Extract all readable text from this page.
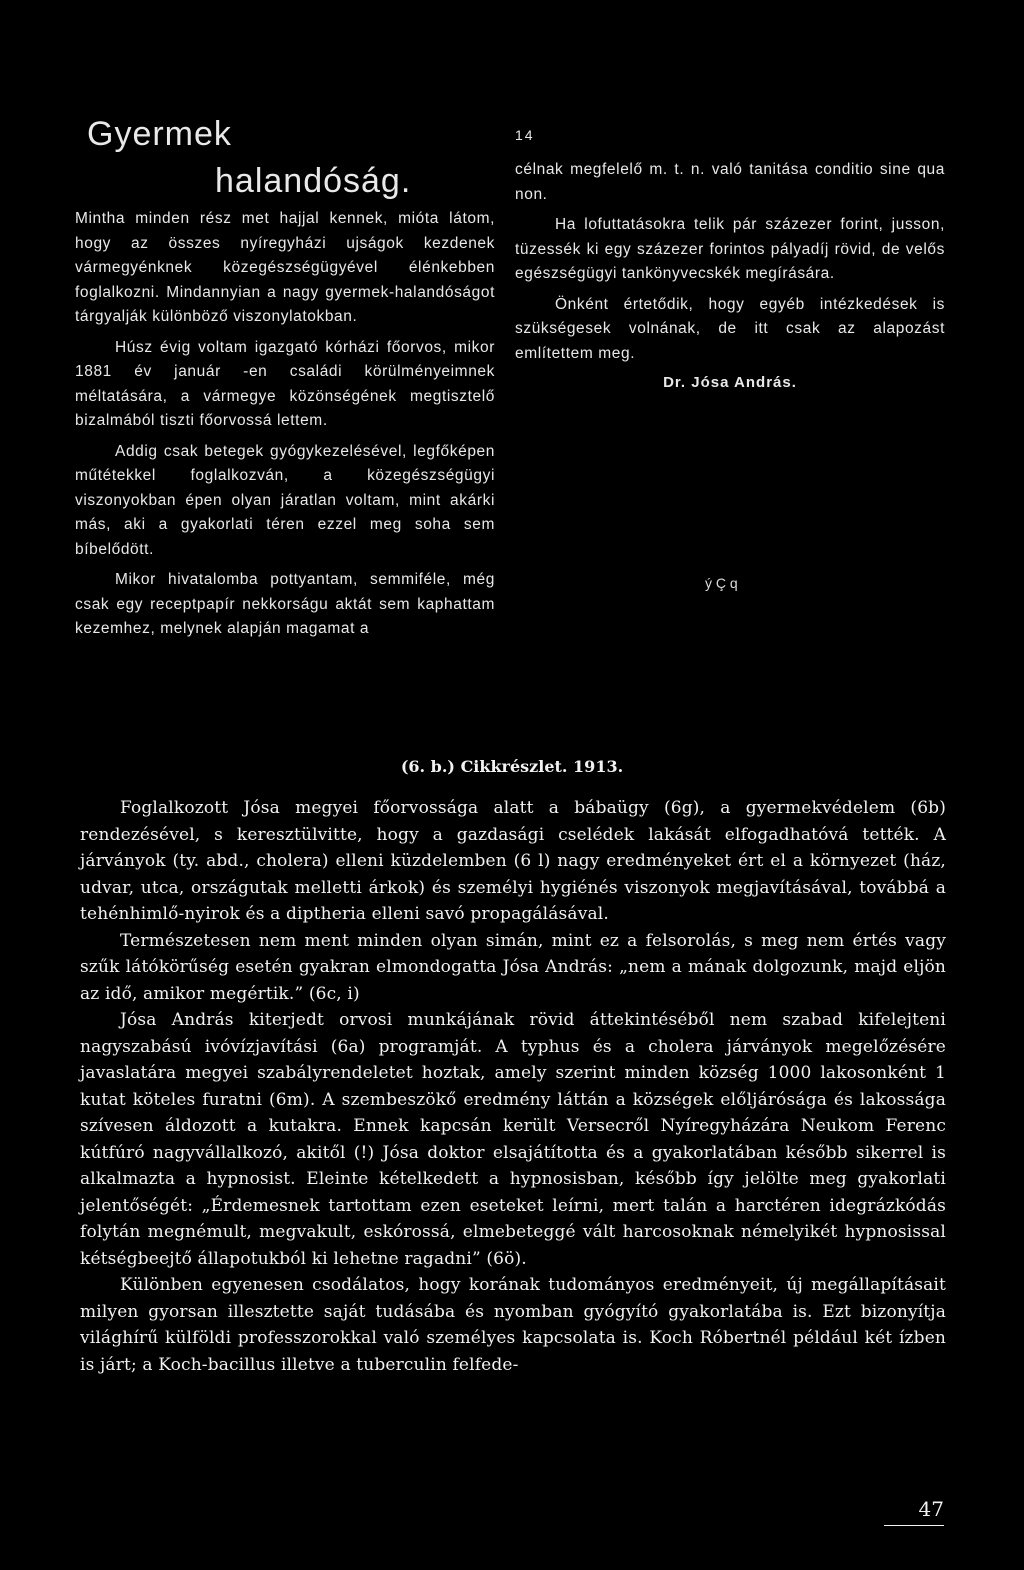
Gyermek
halandóság.

Mintha minden rész met hajjal kennek, mióta látom, hogy az összes nyíregyházi ujságok kezdenek vármegyénknek közegészségügyével élénkebben foglalkozni. Mindannyian a nagy gyermek-halandóságot tárgyalják különböző viszonylatokban.

Húsz évig voltam igazgató kórházi főorvos, mikor 1881 év január -en családi körülményeimnek méltatására, a vármegye közönségének megtisztelő bizalmából tiszti főorvossá lettem.

Addig csak betegek gyógykezelésével, legfőképen műtétekkel foglalkozván, a közegészségügyi viszonyokban épen olyan járatlan voltam, mint akárki más, aki a gyakorlati téren ezzel meg soha sem bíbelődött.

Mikor hivatalomba pottyantam, semmiféle, még csak egy receptpapír nekkorságu aktát sem kaphattam kezemhez, melynek alapján magamat a

14

célnak megfelelő m. t. n. való tanitása conditio sine qua non.

Ha lofuttatásokra telik pár százezer forint, jusson, tüzessék ki egy százezer forintos pályadíj rövid, de velős egészségügyi tankönyvecskék megírására.

Önként értetődik, hogy egyéb intézkedések is szükségesek volnának, de itt csak az alapozást említettem meg.

Dr. Jósa András.
ý Ç q
(6. b.) Cikkrészlet. 1913.

Foglalkozott Jósa megyei főorvossága alatt a bábaügy (6g), a gyermekvédelem (6b) rendezésével, s keresztülvitte, hogy a gazdasági cselédek lakását elfogadhatóvá tették. A járványok (ty. abd., cholera) elleni küzdelemben (6 l) nagy eredményeket ért el a környezet (ház, udvar, utca, országutak melletti árkok) és személyi hygiénés viszonyok megjavításával, továbbá a tehénhimlő-nyirok és a diptheria elleni savó propagálásával.

Természetesen nem ment minden olyan simán, mint ez a felsorolás, s meg nem értés vagy szűk látókörűség esetén gyakran elmondogatta Jósa András: „nem a mának dolgozunk, majd eljön az idő, amikor megértik.” (6c, i)

Jósa András kiterjedt orvosi munkájának rövid áttekintéséből nem szabad kifelejteni nagyszabású ivóvízjavítási (6a) programját. A typhus és a cholera járványok megelőzésére javaslatára megyei szabályrendeletet hoztak, amely szerint minden község 1000 lakosonként 1 kutat köteles furatni (6m). A szembeszökő eredmény láttán a községek előljárósága és lakossága szívesen áldozott a kutakra. Ennek kapcsán került Versecről Nyíregyházára Neukom Ferenc kútfúró nagyvállalkozó, akitől (!) Jósa doktor elsajátította és a gyakorlatában később sikerrel is alkalmazta a hypnosist. Eleinte kételkedett a hypnosisban, később így jelölte meg gyakorlati jelentőségét: „Érdemesnek tartottam ezen eseteket leírni, mert talán a harctéren idegrázkódás folytán megnémult, megvakult, eskórossá, elmebeteggé vált harcosoknak némelyikét hypnosissal kétségbeejtő állapotukból ki lehetne ragadni” (6ö).

Különben egyenesen csodálatos, hogy korának tudományos eredményeit, új megállapításait milyen gyorsan illesztette saját tudásába és nyomban gyógyító gyakorlatába is. Ezt bizonyítja világhírű külföldi professzorokkal való személyes kapcsolata is. Koch Róbertnél például két ízben is járt; a Koch-bacillus illetve a tuberculin felfede-

47
